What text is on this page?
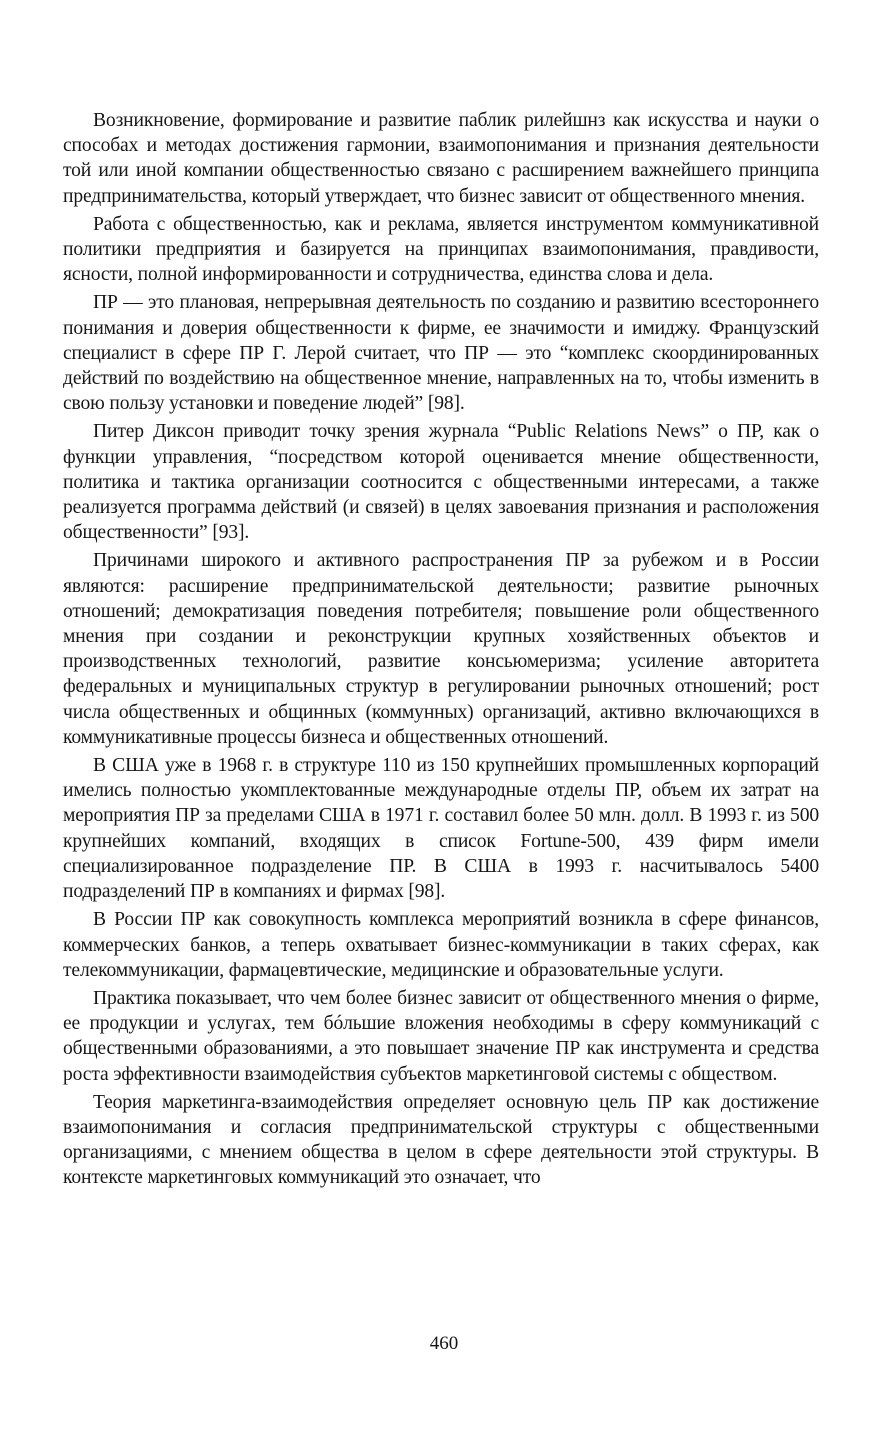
Возникновение, формирование и развитие паблик рилейшнз как искусства и науки о способах и методах достижения гармонии, взаимопонимания и признания деятельности той или иной компании общественностью связано с расширением важнейшего принципа предпринимательства, который утверждает, что бизнес зависит от общественного мнения.

Работа с общественностью, как и реклама, является инструментом коммуникативной политики предприятия и базируется на принципах взаимопонимания, правдивости, ясности, полной информированности и сотрудничества, единства слова и дела.

ПР — это плановая, непрерывная деятельность по созданию и развитию всестороннего понимания и доверия общественности к фирме, ее значимости и имиджу. Французский специалист в сфере ПР Г. Лерой считает, что ПР — это “комплекс скоординированных действий по воздействию на общественное мнение, направленных на то, чтобы изменить в свою пользу установки и поведение людей” [98].

Питер Диксон приводит точку зрения журнала “Public Relations News” о ПР, как о функции управления, “посредством которой оценивается мнение общественности, политика и тактика организации соотносится с общественными интересами, а также реализуется программа действий (и связей) в целях завоевания признания и расположения общественности” [93].

Причинами широкого и активного распространения ПР за рубежом и в России являются: расширение предпринимательской деятельности; развитие рыночных отношений; демократизация поведения потребителя; повышение роли общественного мнения при создании и реконструкции крупных хозяйственных объектов и производственных технологий, развитие консьюмеризма; усиление авторитета федеральных и муниципальных структур в регулировании рыночных отношений; рост числа общественных и общинных (коммунных) организаций, активно включающихся в коммуникативные процессы бизнеса и общественных отношений.

В США уже в 1968 г. в структуре 110 из 150 крупнейших промышленных корпораций имелись полностью укомплектованные международные отделы ПР, объем их затрат на мероприятия ПР за пределами США в 1971 г. составил более 50 млн. долл. В 1993 г. из 500 крупнейших компаний, входящих в список Fortune-500, 439 фирм имели специализированное подразделение ПР. В США в 1993 г. насчитывалось 5400 подразделений ПР в компаниях и фирмах [98].

В России ПР как совокупность комплекса мероприятий возникла в сфере финансов, коммерческих банков, а теперь охватывает бизнес-коммуникации в таких сферах, как телекоммуникации, фармацевтические, медицинские и образовательные услуги.

Практика показывает, что чем более бизнес зависит от общественного мнения о фирме, ее продукции и услугах, тем бóльшие вложения необходимы в сферу коммуникаций с общественными образованиями, а это повышает значение ПР как инструмента и средства роста эффективности взаимодействия субъектов маркетинговой системы с обществом.

Теория маркетинга-взаимодействия определяет основную цель ПР как достижение взаимопонимания и согласия предпринимательской структуры с общественными организациями, с мнением общества в целом в сфере деятельности этой структуры. В контексте маркетинговых коммуникаций это означает, что

460
